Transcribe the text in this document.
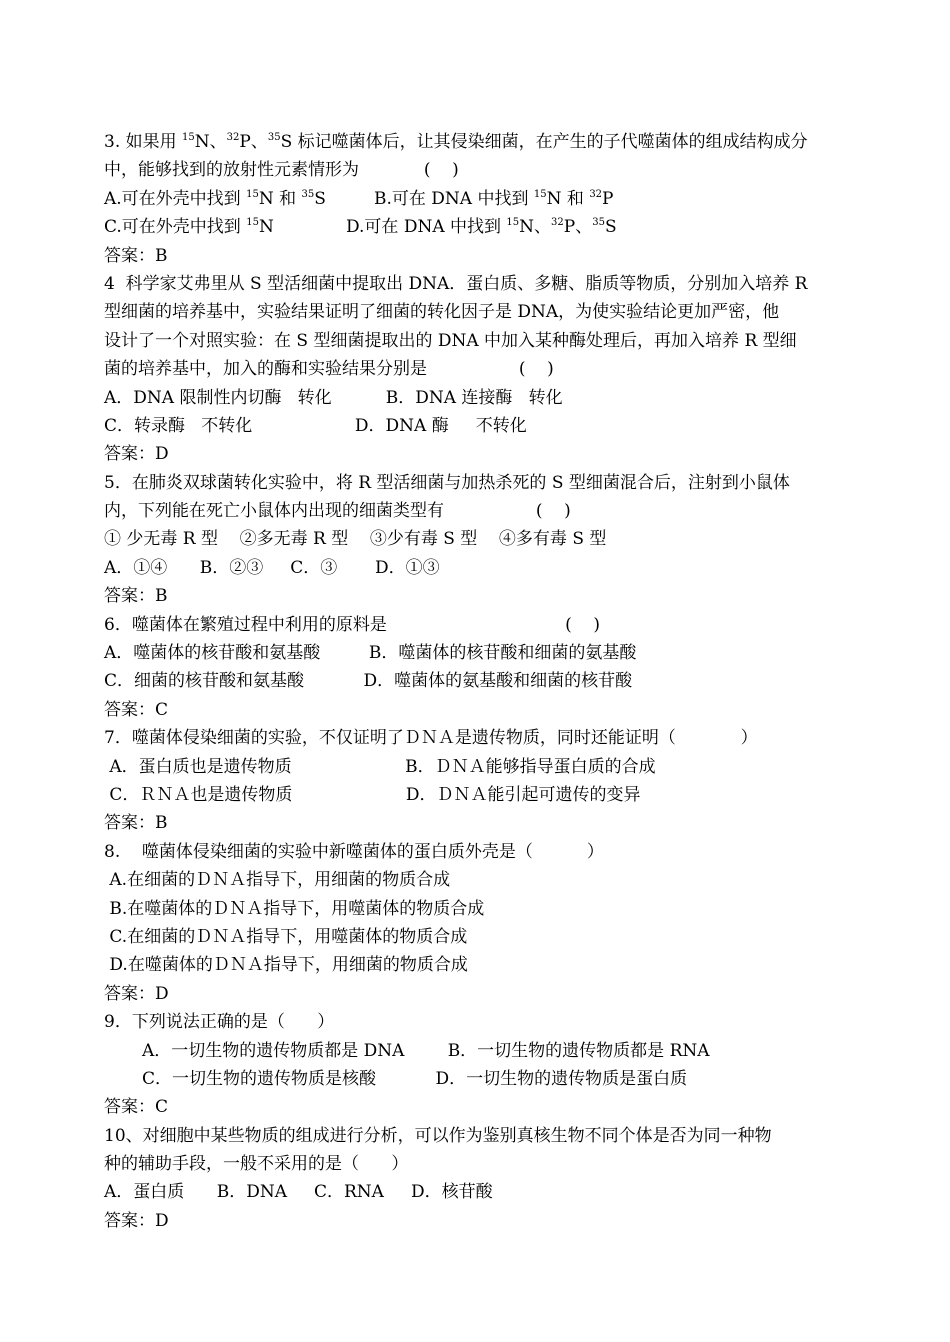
3. 如果用 $^{15}$N、$^{32}$P、$^{35}$S 标记噬菌体后，让其侵染细菌，在产生的子代噬菌体的组成结构成分
中，能够找到的放射性元素情形为            (    )
A.可在外壳中找到 $^{15}$N 和 $^{35}$S	B.可在 DNA 中找到 $^{15}$N 和 $^{32}$P
C.可在外壳中找到 $^{15}$N	D.可在 DNA 中找到 $^{15}$N、$^{32}$P、$^{35}$S
答案：B
4  科学家艾弗里从 S 型活细菌中提取出 DNA．蛋白质、多糖、脂质等物质，分别加入培养 R
型细菌的培养基中，实验结果证明了细菌的转化因子是 DNA，为使实验结论更加严密，他
设计了一个对照实验：在 S 型细菌提取出的 DNA 中加入某种酶处理后，再加入培养 R 型细
菌的培养基中，加入的酶和实验结果分别是                 (    )
A．DNA 限制性内切酶   转化          B．DNA 连接酶   转化
C．转录酶   不转化                   D．DNA 酶     不转化
答案：D
5．在肺炎双球菌转化实验中，将 R 型活细菌与加热杀死的 S 型细菌混合后，注射到小鼠体
内，下列能在死亡小鼠体内出现的细菌类型有                 (    )
① 少无毒 R 型    ②多无毒 R 型    ③少有毒 S 型    ④多有毒 S 型
A．①④      B．②③     C．③       D．①③
答案：B
6．噬菌体在繁殖过程中利用的原料是                                 (    )
A．噬菌体的核苷酸和氨基酸         B．噬菌体的核苷酸和细菌的氨基酸
C．细菌的核苷酸和氨基酸           D．噬菌体的氨基酸和细菌的核苷酸
答案：C
7．噬菌体侵染细菌的实验，不仅证明了ＤＮＡ是遗传物质，同时还能证明（            ）
A．蛋白质也是遗传物质                     B．ＤＮＡ能够指导蛋白质的合成
C．ＲＮＡ也是遗传物质                     D．ＤＮＡ能引起可遗传的变异
答案：B
8.    噬菌体侵染细菌的实验中新噬菌体的蛋白质外壳是（          ）
A.在细菌的ＤＮＡ指导下，用细菌的物质合成
B.在噬菌体的ＤＮＡ指导下，用噬菌体的物质合成
C.在细菌的ＤＮＡ指导下，用噬菌体的物质合成
D.在噬菌体的ＤＮＡ指导下，用细菌的物质合成
答案：D
9．下列说法正确的是（      ）
A．一切生物的遗传物质都是 DNA        B．一切生物的遗传物质都是 RNA
C．一切生物的遗传物质是核酸           D．一切生物的遗传物质是蛋白质
答案：C
10、对细胞中某些物质的组成进行分析，可以作为鉴别真核生物不同个体是否为同一种物
种的辅助手段，一般不采用的是（      ）
A．蛋白质      B．DNA     C．RNA     D．核苷酸
答案：D
